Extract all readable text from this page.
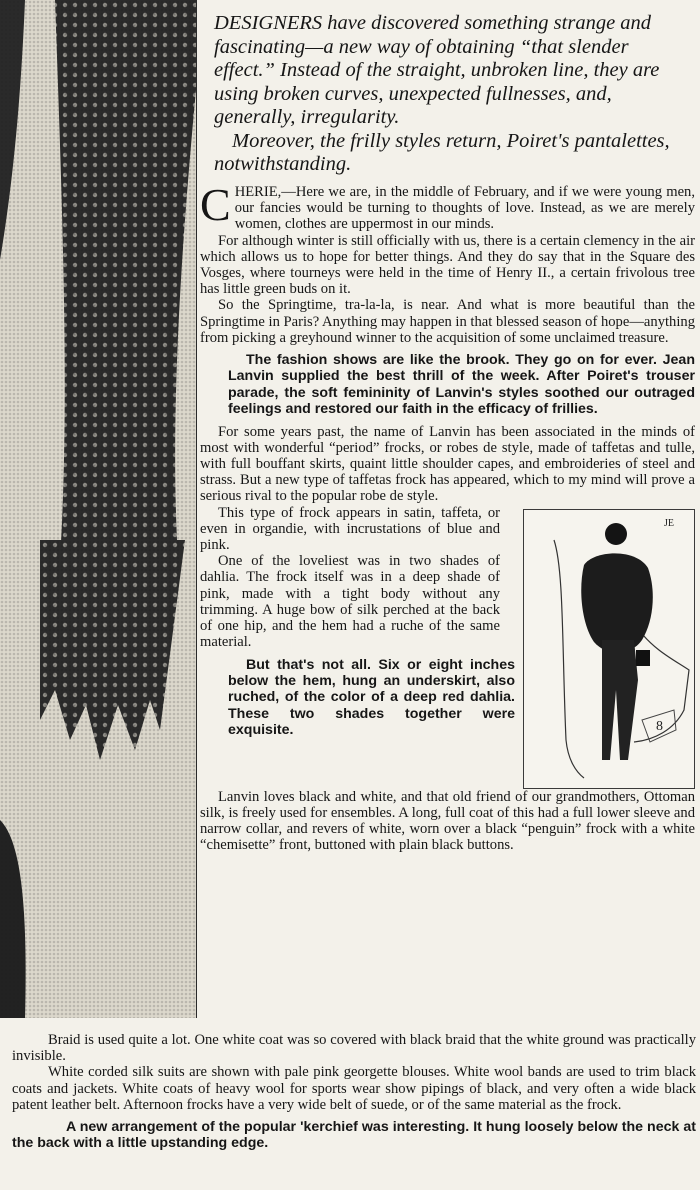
DESIGNERS have discovered something strange and fascinating—a new way of obtaining “that slender effect.” Instead of the straight, unbroken line, they are using broken curves, unexpected fullnesses, and, generally, irregularity.

Moreover, the frilly styles return, Poiret's pantalettes, notwithstanding.

CHERIE,—Here we are, in the middle of February, and if we were young men, our fancies would be turning to thoughts of love. Instead, as we are merely women, clothes are uppermost in our minds.

For although winter is still officially with us, there is a certain clemency in the air which allows us to hope for better things. And they do say that in the Square des Vosges, where tourneys were held in the time of Henry II., a certain frivolous tree has little green buds on it.

So the Springtime, tra-la-la, is near. And what is more beautiful than the Springtime in Paris? Anything may happen in that blessed season of hope—anything from picking a greyhound winner to the acquisition of some unclaimed treasure.

The fashion shows are like the brook. They go on for ever. Jean Lanvin supplied the best thrill of the week. After Poiret's trouser parade, the soft femininity of Lanvin's styles soothed our outraged feelings and restored our faith in the efficacy of frillies.

For some years past, the name of Lanvin has been associated in the minds of most with wonderful “period” frocks, or robes de style, made of taffetas and tulle, with full bouffant skirts, quaint little shoulder capes, and embroideries of steel and strass. But a new type of taffetas frock has appeared, which to my mind will prove a serious rival to the popular robe de style.

JE
8

This type of frock appears in satin, taffeta, or even in organdie, with incrustations of blue and pink.

One of the loveliest was in two shades of dahlia. The frock itself was in a deep shade of pink, made with a tight body without any trimming. A huge bow of silk perched at the back of one hip, and the hem had a ruche of the same material.

But that's not all. Six or eight inches below the hem, hung an underskirt, also ruched, of the color of a deep red dahlia. These two shades together were exquisite.

Lanvin loves black and white, and that old friend of our grandmothers, Ottoman silk, is freely used for ensembles. A long, full coat of this had a full lower sleeve and narrow collar, and revers of white, worn over a black “penguin” frock with a white “chemisette” front, buttoned with plain black buttons.

Braid is used quite a lot. One white coat was so covered with black braid that the white ground was practically invisible.

White corded silk suits are shown with pale pink georgette blouses. White wool bands are used to trim black coats and jackets. White coats of heavy wool for sports wear show pipings of black, and very often a wide black patent leather belt. Afternoon frocks have a very wide belt of suede, or of the same material as the frock.

A new arrangement of the popular 'kerchief was interesting. It hung loosely below the neck at the back with a little upstanding edge.
